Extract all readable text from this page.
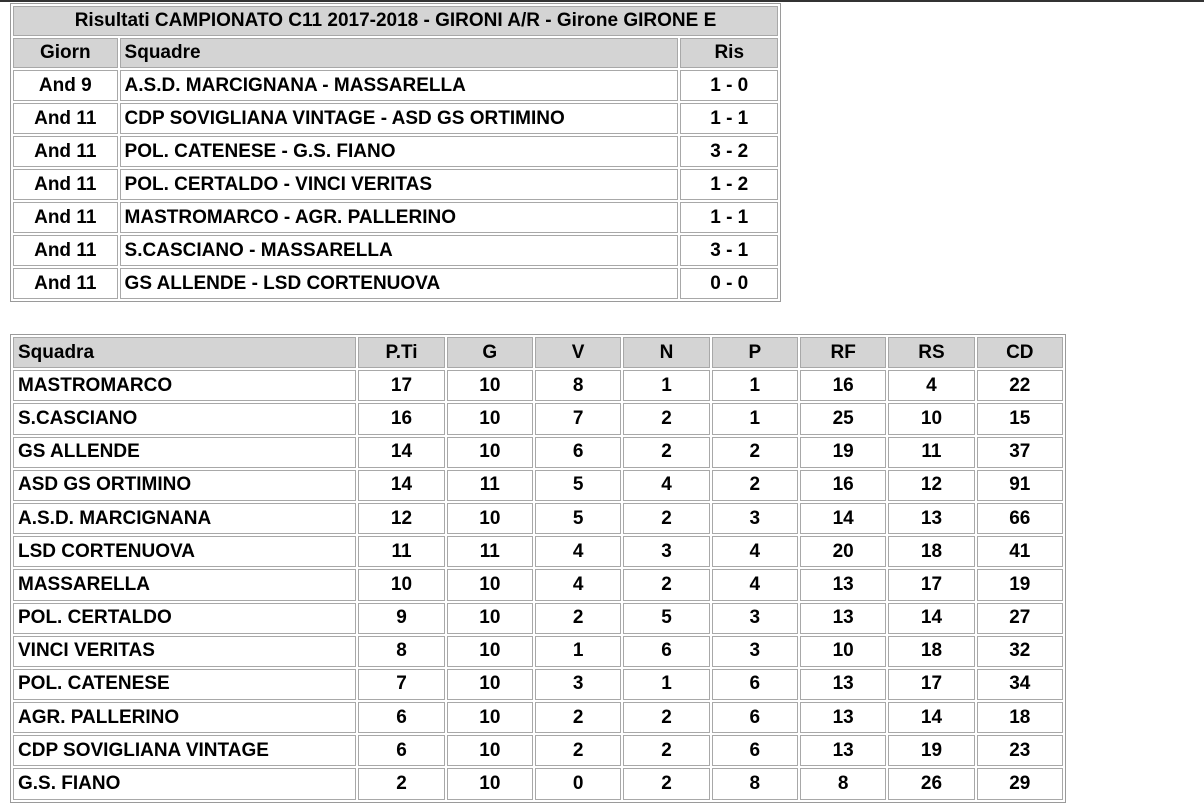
Risultati CAMPIONATO C11 2017-2018 - GIRONI A/R - Girone GIRONE E		
Giorn	Squadre	Ris
And 9	A.S.D. MARCIGNANA - MASSARELLA	1 - 0
And 11	CDP SOVIGLIANA VINTAGE - ASD GS ORTIMINO	1 - 1
And 11	POL. CATENESE - G.S. FIANO	3 - 2
And 11	POL. CERTALDO - VINCI VERITAS	1 - 2
And 11	MASTROMARCO - AGR. PALLERINO	1 - 1
And 11	S.CASCIANO - MASSARELLA	3 - 1
And 11	GS ALLENDE - LSD CORTENUOVA	0 - 0
Squadra	P.Ti	G	V	N	P	RF	RS	CD
MASTROMARCO	17	10	8	1	1	16	4	22
S.CASCIANO	16	10	7	2	1	25	10	15
GS ALLENDE	14	10	6	2	2	19	11	37
ASD GS ORTIMINO	14	11	5	4	2	16	12	91
A.S.D. MARCIGNANA	12	10	5	2	3	14	13	66
LSD CORTENUOVA	11	11	4	3	4	20	18	41
MASSARELLA	10	10	4	2	4	13	17	19
POL. CERTALDO	9	10	2	5	3	13	14	27
VINCI VERITAS	8	10	1	6	3	10	18	32
POL. CATENESE	7	10	3	1	6	13	17	34
AGR. PALLERINO	6	10	2	2	6	13	14	18
CDP SOVIGLIANA VINTAGE	6	10	2	2	6	13	19	23
G.S. FIANO	2	10	0	2	8	8	26	29
